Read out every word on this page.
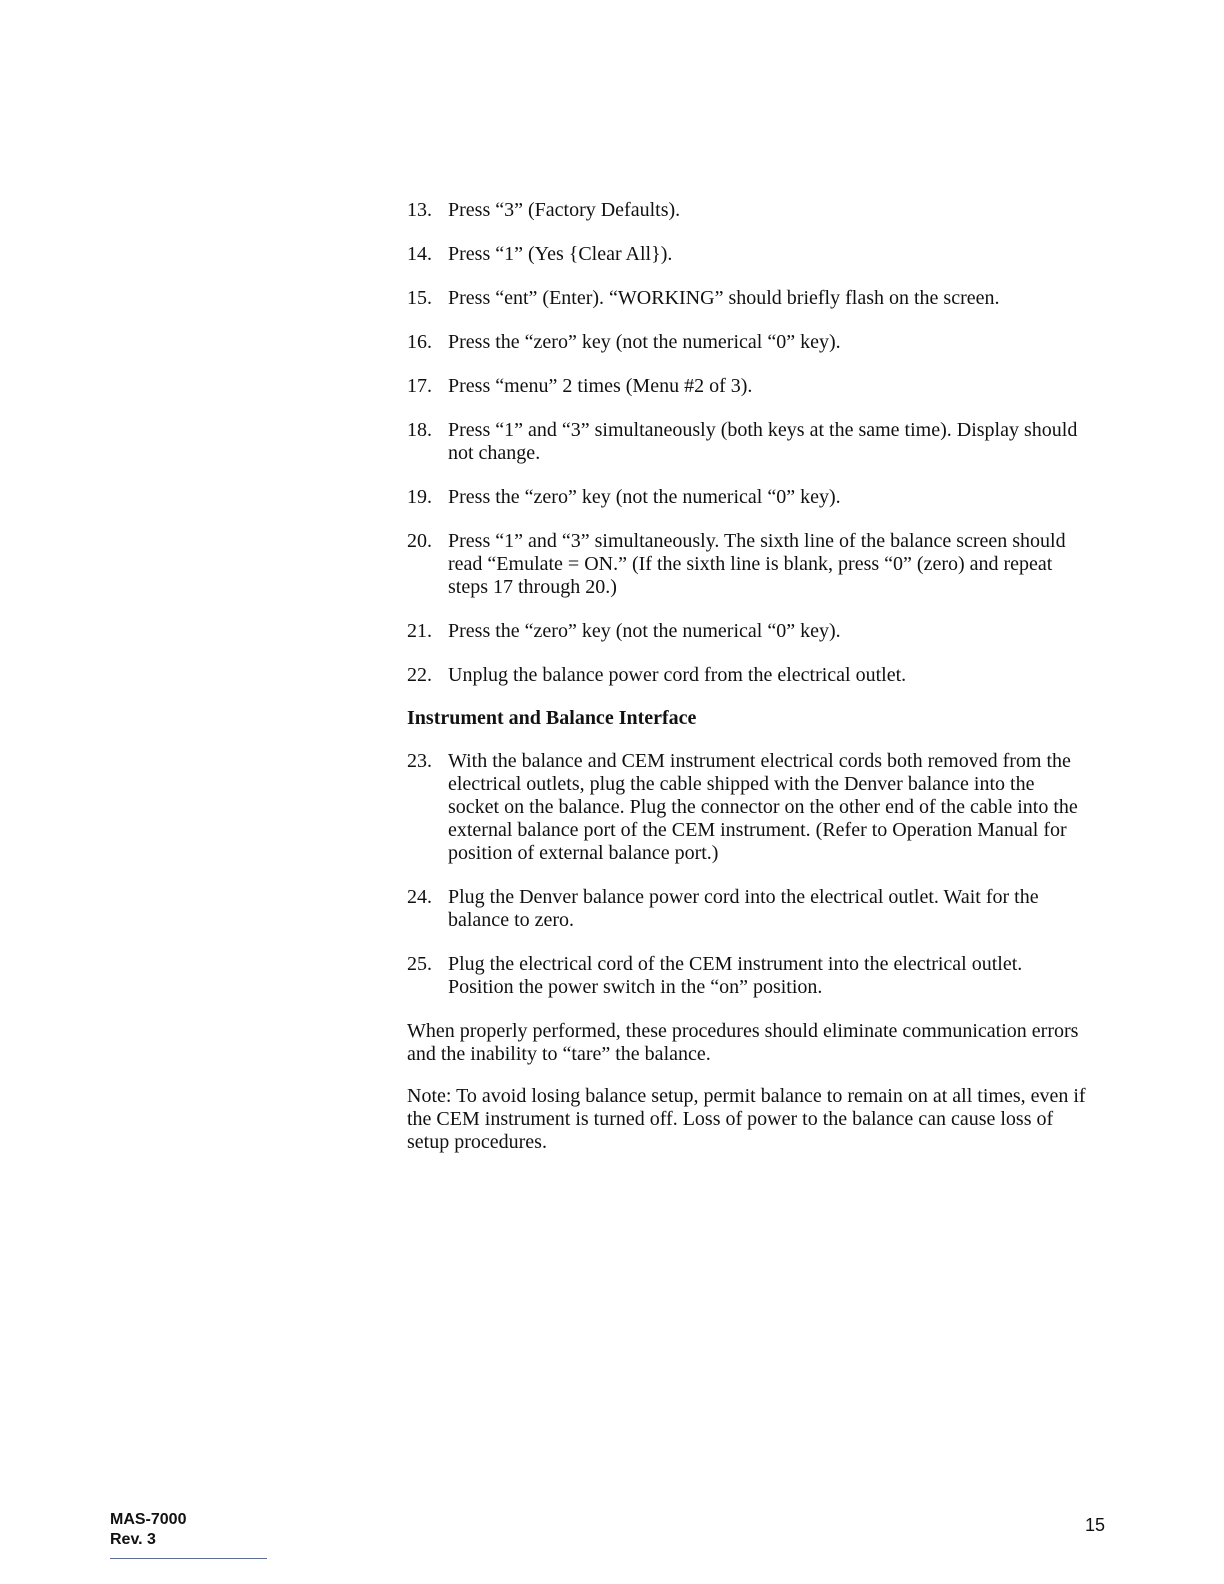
13. Press “3” (Factory Defaults).
14. Press “1” (Yes {Clear All}).
15. Press “ent” (Enter). “WORKING” should briefly flash on the screen.
16. Press the “zero” key (not the numerical “0” key).
17. Press “menu” 2 times (Menu #2 of 3).
18. Press “1” and “3” simultaneously (both keys at the same time). Display should not change.
19. Press the “zero” key (not the numerical “0” key).
20. Press “1” and “3” simultaneously. The sixth line of the balance screen should read “Emulate = ON.” (If the sixth line is blank, press “0” (zero) and repeat steps 17 through 20.)
21. Press the “zero” key (not the numerical “0” key).
22. Unplug the balance power cord from the electrical outlet.
Instrument and Balance Interface
23. With the balance and CEM instrument electrical cords both removed from the electrical outlets, plug the cable shipped with the Denver balance into the socket on the balance. Plug the connector on the other end of the cable into the external balance port of the CEM instrument. (Refer to Operation Manual for position of external balance port.)
24. Plug the Denver balance power cord into the electrical outlet. Wait for the balance to zero.
25. Plug the electrical cord of the CEM instrument into the electrical outlet. Position the power switch in the “on” position.

When properly performed, these procedures should eliminate communication errors and the inability to “tare” the balance.

Note: To avoid losing balance setup, permit balance to remain on at all times, even if the CEM instrument is turned off. Loss of power to the balance can cause loss of setup procedures.

MAS-7000
Rev. 3
15
